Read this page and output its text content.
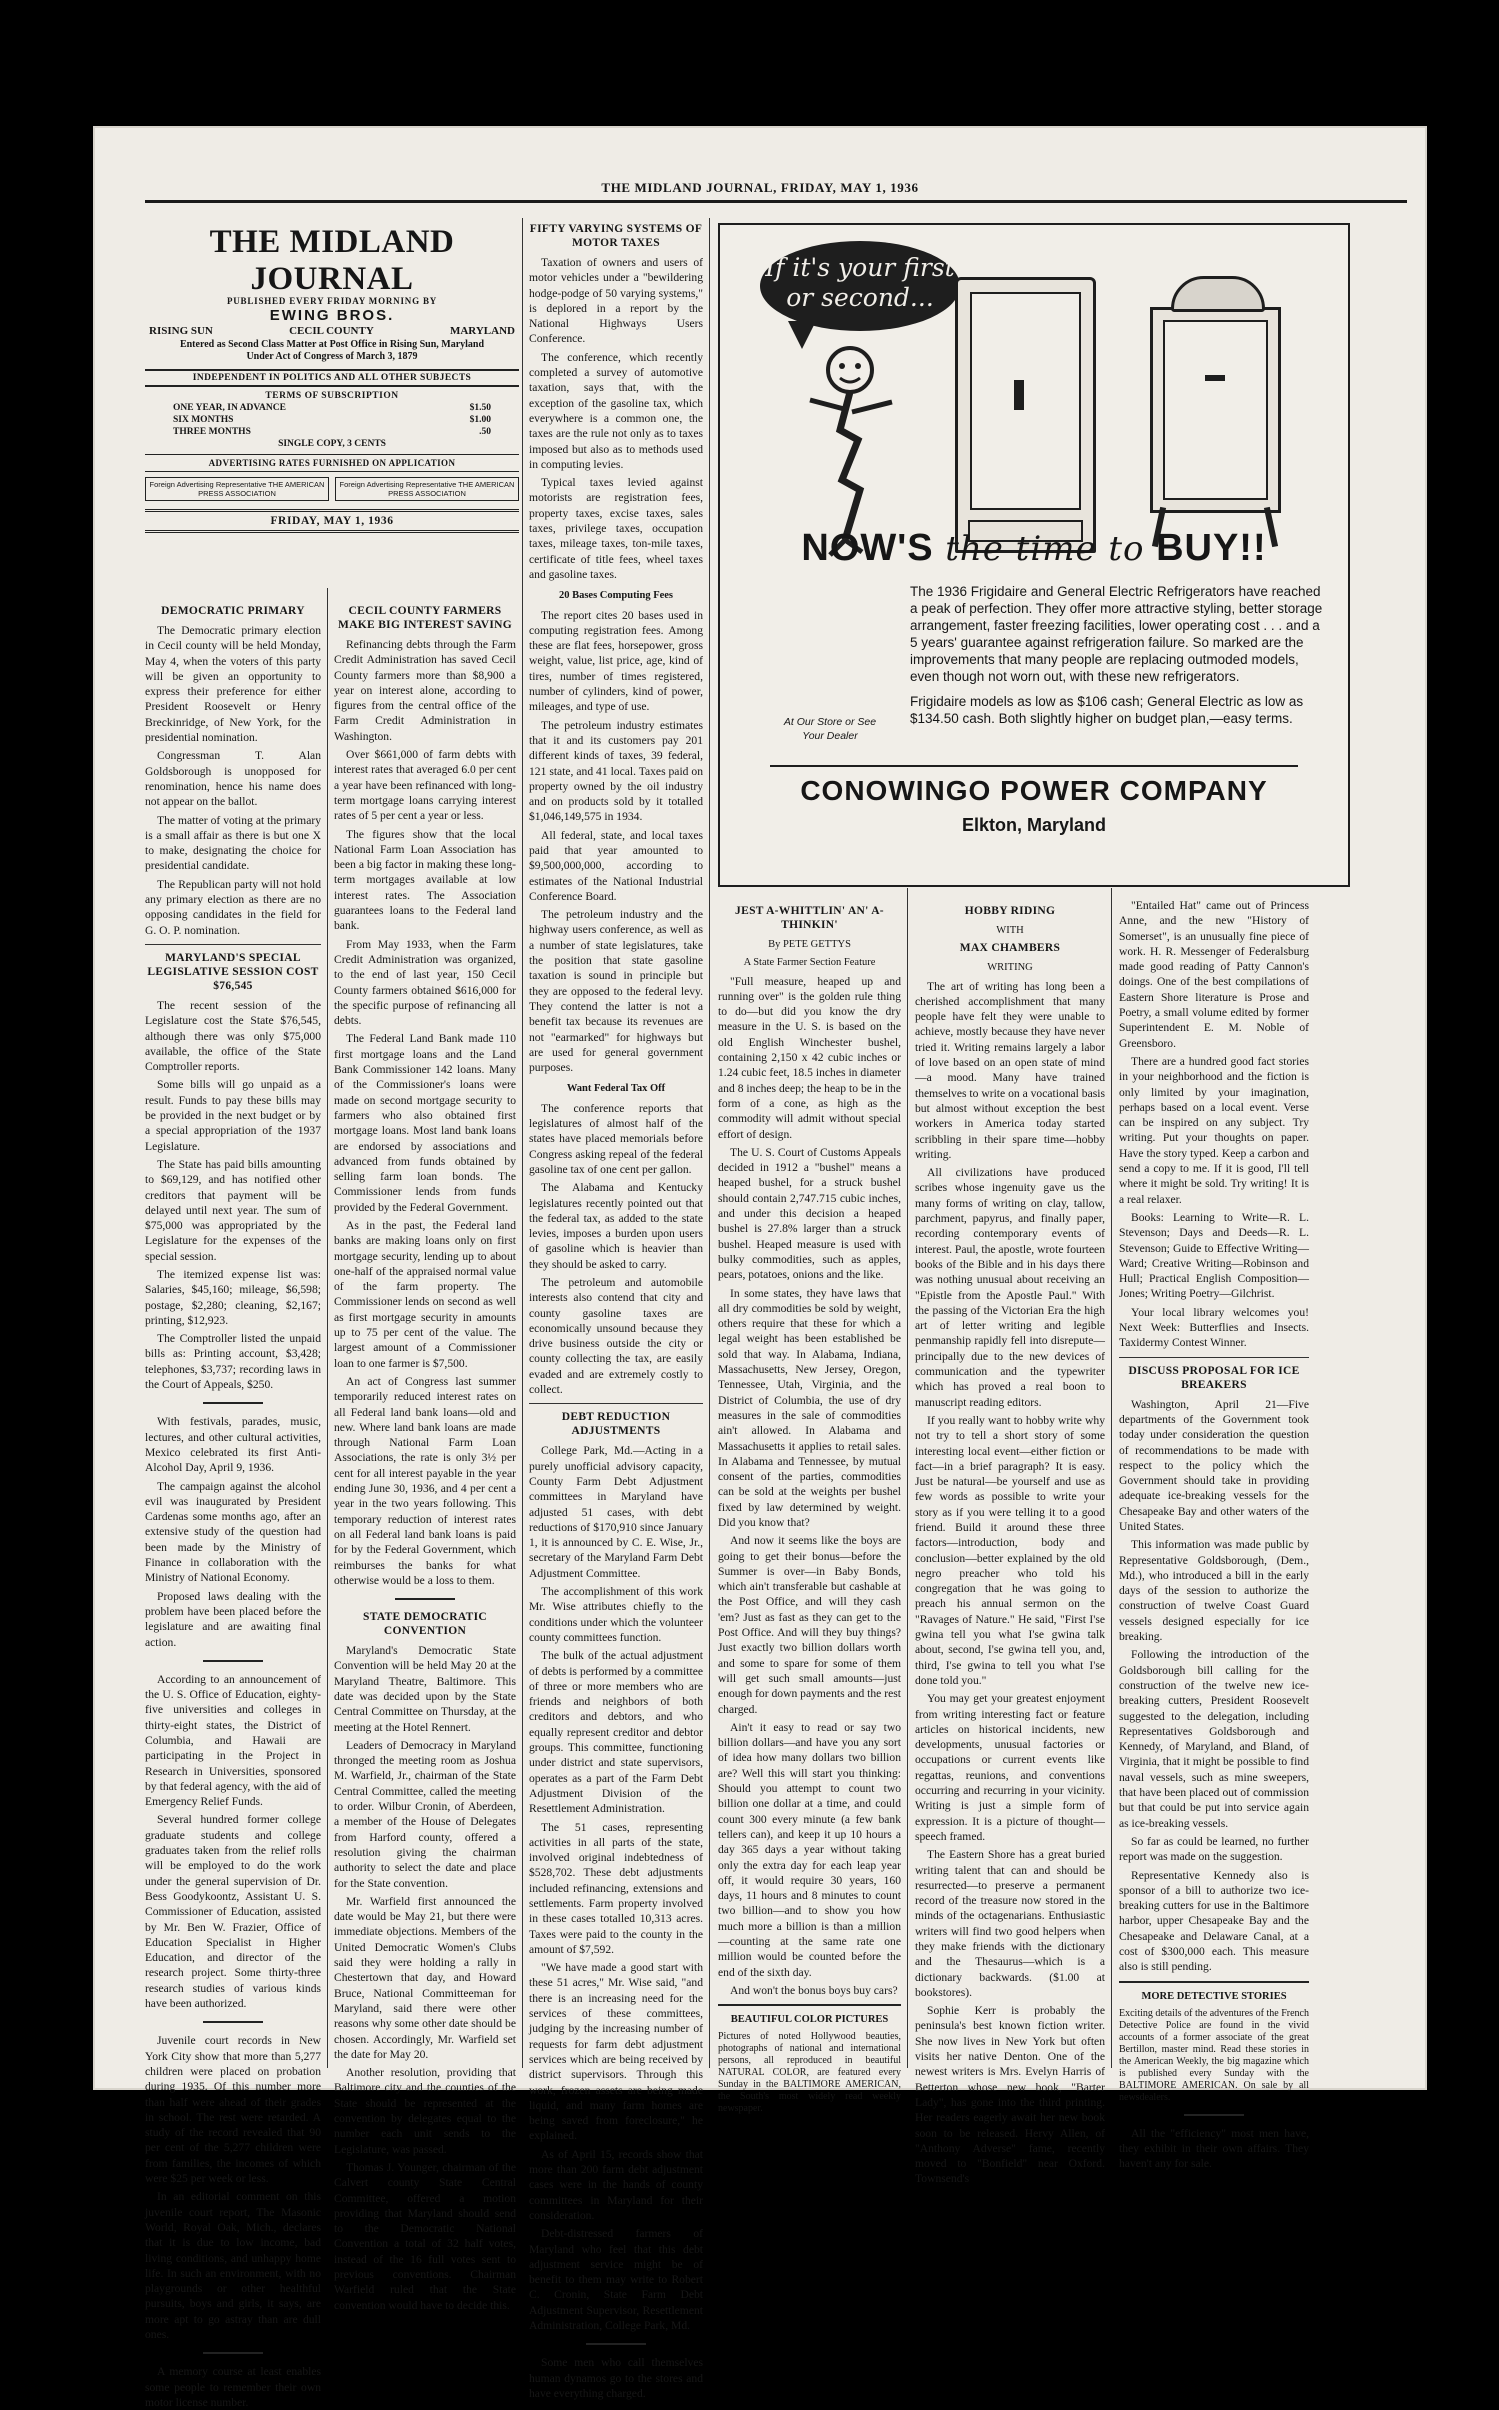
THE MIDLAND JOURNAL, FRIDAY, MAY 1, 1936
THE MIDLAND JOURNAL
PUBLISHED EVERY FRIDAY MORNING BY
EWING BROS.
RISING SUN	CECIL COUNTY	MARYLAND
Entered as Second Class Matter at Post Office in Rising Sun, Maryland
Under Act of Congress of March 3, 1879
INDEPENDENT IN POLITICS AND ALL OTHER SUBJECTS
TERMS OF SUBSCRIPTION
ONE YEAR, IN ADVANCE	$1.50
SIX MONTHS	$1.00
THREE MONTHS	.50
SINGLE COPY, 3 CENTS
ADVERTISING RATES FURNISHED ON APPLICATION
Foreign Advertising Representative THE AMERICAN PRESS ASSOCIATION
Foreign Advertising Representative THE AMERICAN PRESS ASSOCIATION
FRIDAY, MAY 1, 1936
DEMOCRATIC PRIMARY

The Democratic primary election in Cecil county will be held Monday, May 4, when the voters of this party will be given an opportunity to express their preference for either President Roosevelt or Henry Breckinridge, of New York, for the presidential nomination.

Congressman T. Alan Goldsborough is unopposed for renomination, hence his name does not appear on the ballot.

The matter of voting at the primary is a small affair as there is but one X to make, designating the choice for presidential candidate.

The Republican party will not hold any primary election as there are no opposing candidates in the field for G. O. P. nomination.

MARYLAND'S SPECIAL LEGISLATIVE SESSION COST $76,545

The recent session of the Legislature cost the State $76,545, although there was only $75,000 available, the office of the State Comptroller reports.

Some bills will go unpaid as a result. Funds to pay these bills may be provided in the next budget or by a special appropriation of the 1937 Legislature.

The State has paid bills amounting to $69,129, and has notified other creditors that payment will be delayed until next year. The sum of $75,000 was appropriated by the Legislature for the expenses of the special session.

The itemized expense list was: Salaries, $45,160; mileage, $6,598; postage, $2,280; cleaning, $2,167; printing, $12,923.

The Comptroller listed the unpaid bills as: Printing account, $3,428; telephones, $3,737; recording laws in the Court of Appeals, $250.

With festivals, parades, music, lectures, and other cultural activities, Mexico celebrated its first Anti-Alcohol Day, April 9, 1936.

The campaign against the alcohol evil was inaugurated by President Cardenas some months ago, after an extensive study of the question had been made by the Ministry of Finance in collaboration with the Ministry of National Economy.

Proposed laws dealing with the problem have been placed before the legislature and are awaiting final action.

According to an announcement of the U. S. Office of Education, eighty-five universities and colleges in thirty-eight states, the District of Columbia, and Hawaii are participating in the Project in Research in Universities, sponsored by that federal agency, with the aid of Emergency Relief Funds.

Several hundred former college graduate students and college graduates taken from the relief rolls will be employed to do the work under the general supervision of Dr. Bess Goodykoontz, Assistant U. S. Commissioner of Education, assisted by Mr. Ben W. Frazier, Office of Education Specialist in Higher Education, and director of the research project. Some thirty-three research studies of various kinds have been authorized.

Juvenile court records in New York City show that more than 5,277 children were placed on probation during 1935. Of this number more than half were ahead of their grades in school. The rest were retarded. A study of the record revealed that 90 per cent of the 5,277 children were from families, the incomes of which were $25 per week or less.

In an editorial comment on this juvenile court report, The Masonic World, Royal Oak, Mich., declares that it is due to low income, bad living conditions, and unhappy home life. In such an environment, with no playgrounds or other healthful pursuits, boys and girls, it says, are more apt to go astray than are dull ones.

A memory course at least enables some people to remember their own motor license number.

CECIL COUNTY FARMERS MAKE BIG INTEREST SAVING

Refinancing debts through the Farm Credit Administration has saved Cecil County farmers more than $8,900 a year on interest alone, according to figures from the central office of the Farm Credit Administration in Washington.

Over $661,000 of farm debts with interest rates that averaged 6.0 per cent a year have been refinanced with long-term mortgage loans carrying interest rates of 5 per cent a year or less.

The figures show that the local National Farm Loan Association has been a big factor in making these long-term mortgages available at low interest rates. The Association guarantees loans to the Federal land bank.

From May 1933, when the Farm Credit Administration was organized, to the end of last year, 150 Cecil County farmers obtained $616,000 for the specific purpose of refinancing all debts.

The Federal Land Bank made 110 first mortgage loans and the Land Bank Commissioner 142 loans. Many of the Commissioner's loans were made on second mortgage security to farmers who also obtained first mortgage loans. Most land bank loans are endorsed by associations and advanced from funds obtained by selling farm loan bonds. The Commissioner lends from funds provided by the Federal Government.

As in the past, the Federal land banks are making loans only on first mortgage security, lending up to about one-half of the appraised normal value of the farm property. The Commissioner lends on second as well as first mortgage security in amounts up to 75 per cent of the value. The largest amount of a Commissioner loan to one farmer is $7,500.

An act of Congress last summer temporarily reduced interest rates on all Federal land bank loans—old and new. Where land bank loans are made through National Farm Loan Associations, the rate is only 3½ per cent for all interest payable in the year ending June 30, 1936, and 4 per cent a year in the two years following. This temporary reduction of interest rates on all Federal land bank loans is paid for by the Federal Government, which reimburses the banks for what otherwise would be a loss to them.

STATE DEMOCRATIC CONVENTION

Maryland's Democratic State Convention will be held May 20 at the Maryland Theatre, Baltimore. This date was decided upon by the State Central Committee on Thursday, at the meeting at the Hotel Rennert.

Leaders of Democracy in Maryland thronged the meeting room as Joshua M. Warfield, Jr., chairman of the State Central Committee, called the meeting to order. Wilbur Cronin, of Aberdeen, a member of the House of Delegates from Harford county, offered a resolution giving the chairman authority to select the date and place for the State convention.

Mr. Warfield first announced the date would be May 21, but there were immediate objections. Members of the United Democratic Women's Clubs said they were holding a rally in Chestertown that day, and Howard Bruce, National Committeeman for Maryland, said there were other reasons why some other date should be chosen. Accordingly, Mr. Warfield set the date for May 20.

Another resolution, providing that Baltimore city and the counties of the State should be represented at the convention by delegates equal to the number each unit sends to the Legislature, was passed.

Thomas J. Younger, chairman of the Calvert county State Central Committee, offered a motion providing that Maryland should send to the Democratic National Convention a total of 32 half votes, instead of the 16 full votes sent to previous conventions. Chairman Warfield ruled that the State convention would have to decide this.

FIFTY VARYING SYSTEMS OF MOTOR TAXES

Taxation of owners and users of motor vehicles under a "bewildering hodge-podge of 50 varying systems," is deplored in a report by the National Highways Users Conference.

The conference, which recently completed a survey of automotive taxation, says that, with the exception of the gasoline tax, which everywhere is a common one, the taxes are the rule not only as to taxes imposed but also as to methods used in computing levies.

Typical taxes levied against motorists are registration fees, property taxes, excise taxes, sales taxes, privilege taxes, occupation taxes, mileage taxes, ton-mile taxes, certificate of title fees, wheel taxes and gasoline taxes.

20 Bases Computing Fees

The report cites 20 bases used in computing registration fees. Among these are flat fees, horsepower, gross weight, value, list price, age, kind of tires, number of times registered, number of cylinders, kind of power, mileages, and type of use.

The petroleum industry estimates that it and its customers pay 201 different kinds of taxes, 39 federal, 121 state, and 41 local. Taxes paid on property owned by the oil industry and on products sold by it totalled $1,046,149,575 in 1934.

All federal, state, and local taxes paid that year amounted to $9,500,000,000, according to estimates of the National Industrial Conference Board.

The petroleum industry and the highway users conference, as well as a number of state legislatures, take the position that state gasoline taxation is sound in principle but they are opposed to the federal levy. They contend the latter is not a benefit tax because its revenues are not "earmarked" for highways but are used for general government purposes.

Want Federal Tax Off

The conference reports that legislatures of almost half of the states have placed memorials before Congress asking repeal of the federal gasoline tax of one cent per gallon.

The Alabama and Kentucky legislatures recently pointed out that the federal tax, as added to the state levies, imposes a burden upon users of gasoline which is heavier than they should be asked to carry.

The petroleum and automobile interests also contend that city and county gasoline taxes are economically unsound because they drive business outside the city or county collecting the tax, are easily evaded and are extremely costly to collect.

DEBT REDUCTION ADJUSTMENTS

College Park, Md.—Acting in a purely unofficial advisory capacity, County Farm Debt Adjustment committees in Maryland have adjusted 51 cases, with debt reductions of $170,910 since January 1, it is announced by C. E. Wise, Jr., secretary of the Maryland Farm Debt Adjustment Committee.

The accomplishment of this work Mr. Wise attributes chiefly to the conditions under which the volunteer county committees function.

The bulk of the actual adjustment of debts is performed by a committee of three or more members who are friends and neighbors of both creditors and debtors, and who equally represent creditor and debtor groups. This committee, functioning under district and state supervisors, operates as a part of the Farm Debt Adjustment Division of the Resettlement Administration.

The 51 cases, representing activities in all parts of the state, involved original indebtedness of $528,702. These debt adjustments included refinancing, extensions and settlements. Farm property involved in these cases totalled 10,313 acres. Taxes were paid to the county in the amount of $7,592.

"We have made a good start with these 51 acres," Mr. Wise said, "and there is an increasing need for the services of these committees, judging by the increasing number of requests for farm debt adjustment services which are being received by district supervisors. Through this work, frozen assets are being made liquid, and many farm homes are being saved from foreclosure," he explained.

As of April 15, records show that more than 200 farm debt adjustment cases were in the hands of county committees in Maryland for their consideration.

Debt-distressed farmers of Maryland who feel that this debt adjustment service might be of benefit to them may write to Robert C. Cronin, State Farm Debt Adjustment Supervisor, Resettlement Administration, College Park, Md.

Some men who call themselves human dynamos go to the stores and have everything charged.

If it's your first or second...
NOW'S the time to BUY!!

The 1936 Frigidaire and General Electric Refrigerators have reached a peak of perfection. They offer more attractive styling, better storage arrangement, faster freezing facilities, lower operating cost . . . and a 5 years' guarantee against refrigeration failure. So marked are the improvements that many people are replacing outmoded models, even though not worn out, with these new refrigerators.

Frigidaire models as low as $106 cash; General Electric as low as $134.50 cash. Both slightly higher on budget plan,—easy terms.

At Our Store or See Your Dealer
CONOWINGO POWER COMPANY
Elkton, Maryland
JEST A-WHITTLIN' AN' A-THINKIN'
By PETE GETTYS
A State Farmer Section Feature

"Full measure, heaped up and running over" is the golden rule thing to do—but did you know the dry measure in the U. S. is based on the old English Winchester bushel, containing 2,150 x 42 cubic inches or 1.24 cubic feet, 18.5 inches in diameter and 8 inches deep; the heap to be in the form of a cone, as high as the commodity will admit without special effort of design.

The U. S. Court of Customs Appeals decided in 1912 a "bushel" means a heaped bushel, for a struck bushel should contain 2,747.715 cubic inches, and under this decision a heaped bushel is 27.8% larger than a struck bushel. Heaped measure is used with bulky commodities, such as apples, pears, potatoes, onions and the like.

In some states, they have laws that all dry commodities be sold by weight, others require that these for which a legal weight has been established be sold that way. In Alabama, Indiana, Massachusetts, New Jersey, Oregon, Tennessee, Utah, Virginia, and the District of Columbia, the use of dry measures in the sale of commodities ain't allowed. In Alabama and Massachusetts it applies to retail sales. In Alabama and Tennessee, by mutual consent of the parties, commodities can be sold at the weights per bushel fixed by law determined by weight. Did you know that?

And now it seems like the boys are going to get their bonus—before the Summer is over—in Baby Bonds, which ain't transferable but cashable at the Post Office, and will they cash 'em? Just as fast as they can get to the Post Office. And will they buy things? Just exactly two billion dollars worth and some to spare for some of them will get such small amounts—just enough for down payments and the rest charged.

Ain't it easy to read or say two billion dollars—and have you any sort of idea how many dollars two billion are? Well this will start you thinking: Should you attempt to count two billion one dollar at a time, and could count 300 every minute (a few bank tellers can), and keep it up 10 hours a day 365 days a year without taking only the extra day for each leap year off, it would require 30 years, 160 days, 11 hours and 8 minutes to count two billion—and to show you how much more a billion is than a million—counting at the same rate one million would be counted before the end of the sixth day.

And won't the bonus boys buy cars?

BEAUTIFUL COLOR PICTURES

Pictures of noted Hollywood beauties, photographs of national and international persons, all reproduced in beautiful NATURAL COLOR, are featured every Sunday in the BALTIMORE AMERICAN, the South's most widely read weekly newspaper.

HOBBY RIDING
WITH
MAX CHAMBERS
WRITING

The art of writing has long been a cherished accomplishment that many people have felt they were unable to achieve, mostly because they have never tried it. Writing remains largely a labor of love based on an open state of mind—a mood. Many have trained themselves to write on a vocational basis but almost without exception the best workers in America today started scribbling in their spare time—hobby writing.

All civilizations have produced scribes whose ingenuity gave us the many forms of writing on clay, tallow, parchment, papyrus, and finally paper, recording contemporary events of interest. Paul, the apostle, wrote fourteen books of the Bible and in his days there was nothing unusual about receiving an "Epistle from the Apostle Paul." With the passing of the Victorian Era the high art of letter writing and legible penmanship rapidly fell into disrepute—principally due to the new devices of communication and the typewriter which has proved a real boon to manuscript reading editors.

If you really want to hobby write why not try to tell a short story of some interesting local event—either fiction or fact—in a brief paragraph? It is easy. Just be natural—be yourself and use as few words as possible to write your story as if you were telling it to a good friend. Build it around these three factors—introduction, body and conclusion—better explained by the old negro preacher who told his congregation that he was going to preach his annual sermon on the "Ravages of Nature." He said, "First I'se gwina tell you what I'se gwina talk about, second, I'se gwina tell you, and, third, I'se gwina to tell you what I'se done told you."

You may get your greatest enjoyment from writing interesting fact or feature articles on historical incidents, new developments, unusual factories or occupations or current events like regattas, reunions, and conventions occurring and recurring in your vicinity. Writing is just a simple form of expression. It is a picture of thought—speech framed.

The Eastern Shore has a great buried writing talent that can and should be resurrected—to preserve a permanent record of the treasure now stored in the minds of the octagenarians. Enthusiastic writers will find two good helpers when they make friends with the dictionary and the Thesaurus—which is a dictionary backwards. ($1.00 at bookstores).

Sophie Kerr is probably the peninsula's best known fiction writer. She now lives in New York but often visits her native Denton. One of the newest writers is Mrs. Evelyn Harris of Betterton whose new book, "Barter Lady", has gone into the third printing. Her readers eagerly await her new book soon to be released. Hervy Allen, of "Anthony Adverse" fame, recently moved to "Bonfield" near Oxford. Townsend's

"Entailed Hat" came out of Princess Anne, and the new "History of Somerset", is an unusually fine piece of work. H. R. Messenger of Federalsburg made good reading of Patty Cannon's doings. One of the best compilations of Eastern Shore literature is Prose and Poetry, a small volume edited by former Superintendent E. M. Noble of Greensboro.

There are a hundred good fact stories in your neighborhood and the fiction is only limited by your imagination, perhaps based on a local event. Verse can be inspired on any subject. Try writing. Put your thoughts on paper. Have the story typed. Keep a carbon and send a copy to me. If it is good, I'll tell where it might be sold. Try writing! It is a real relaxer.

Books: Learning to Write—R. L. Stevenson; Days and Deeds—R. L. Stevenson; Guide to Effective Writing—Ward; Creative Writing—Robinson and Hull; Practical English Composition—Jones; Writing Poetry—Gilchrist.

Your local library welcomes you! Next Week: Butterflies and Insects. Taxidermy Contest Winner.

DISCUSS PROPOSAL FOR ICE BREAKERS

Washington, April 21—Five departments of the Government took today under consideration the question of recommendations to be made with respect to the policy which the Government should take in providing adequate ice-breaking vessels for the Chesapeake Bay and other waters of the United States.

This information was made public by Representative Goldsborough, (Dem., Md.), who introduced a bill in the early days of the session to authorize the construction of twelve Coast Guard vessels designed especially for ice breaking.

Following the introduction of the Goldsborough bill calling for the construction of the twelve new ice-breaking cutters, President Roosevelt suggested to the delegation, including Representatives Goldsborough and Kennedy, of Maryland, and Bland, of Virginia, that it might be possible to find naval vessels, such as mine sweepers, that have been placed out of commission but that could be put into service again as ice-breaking vessels.

So far as could be learned, no further report was made on the suggestion.

Representative Kennedy also is sponsor of a bill to authorize two ice-breaking cutters for use in the Baltimore harbor, upper Chesapeake Bay and the Chesapeake and Delaware Canal, at a cost of $300,000 each. This measure also is still pending.

MORE DETECTIVE STORIES

Exciting details of the adventures of the French Detective Police are found in the vivid accounts of a former associate of the great Bertillon, master mind. Read these stories in the American Weekly, the big magazine which is published every Sunday with the BALTIMORE AMERICAN. On sale by all newsdealers.

All the "efficiency" most men have, they exhibit in their own affairs. They haven't any for sale.
